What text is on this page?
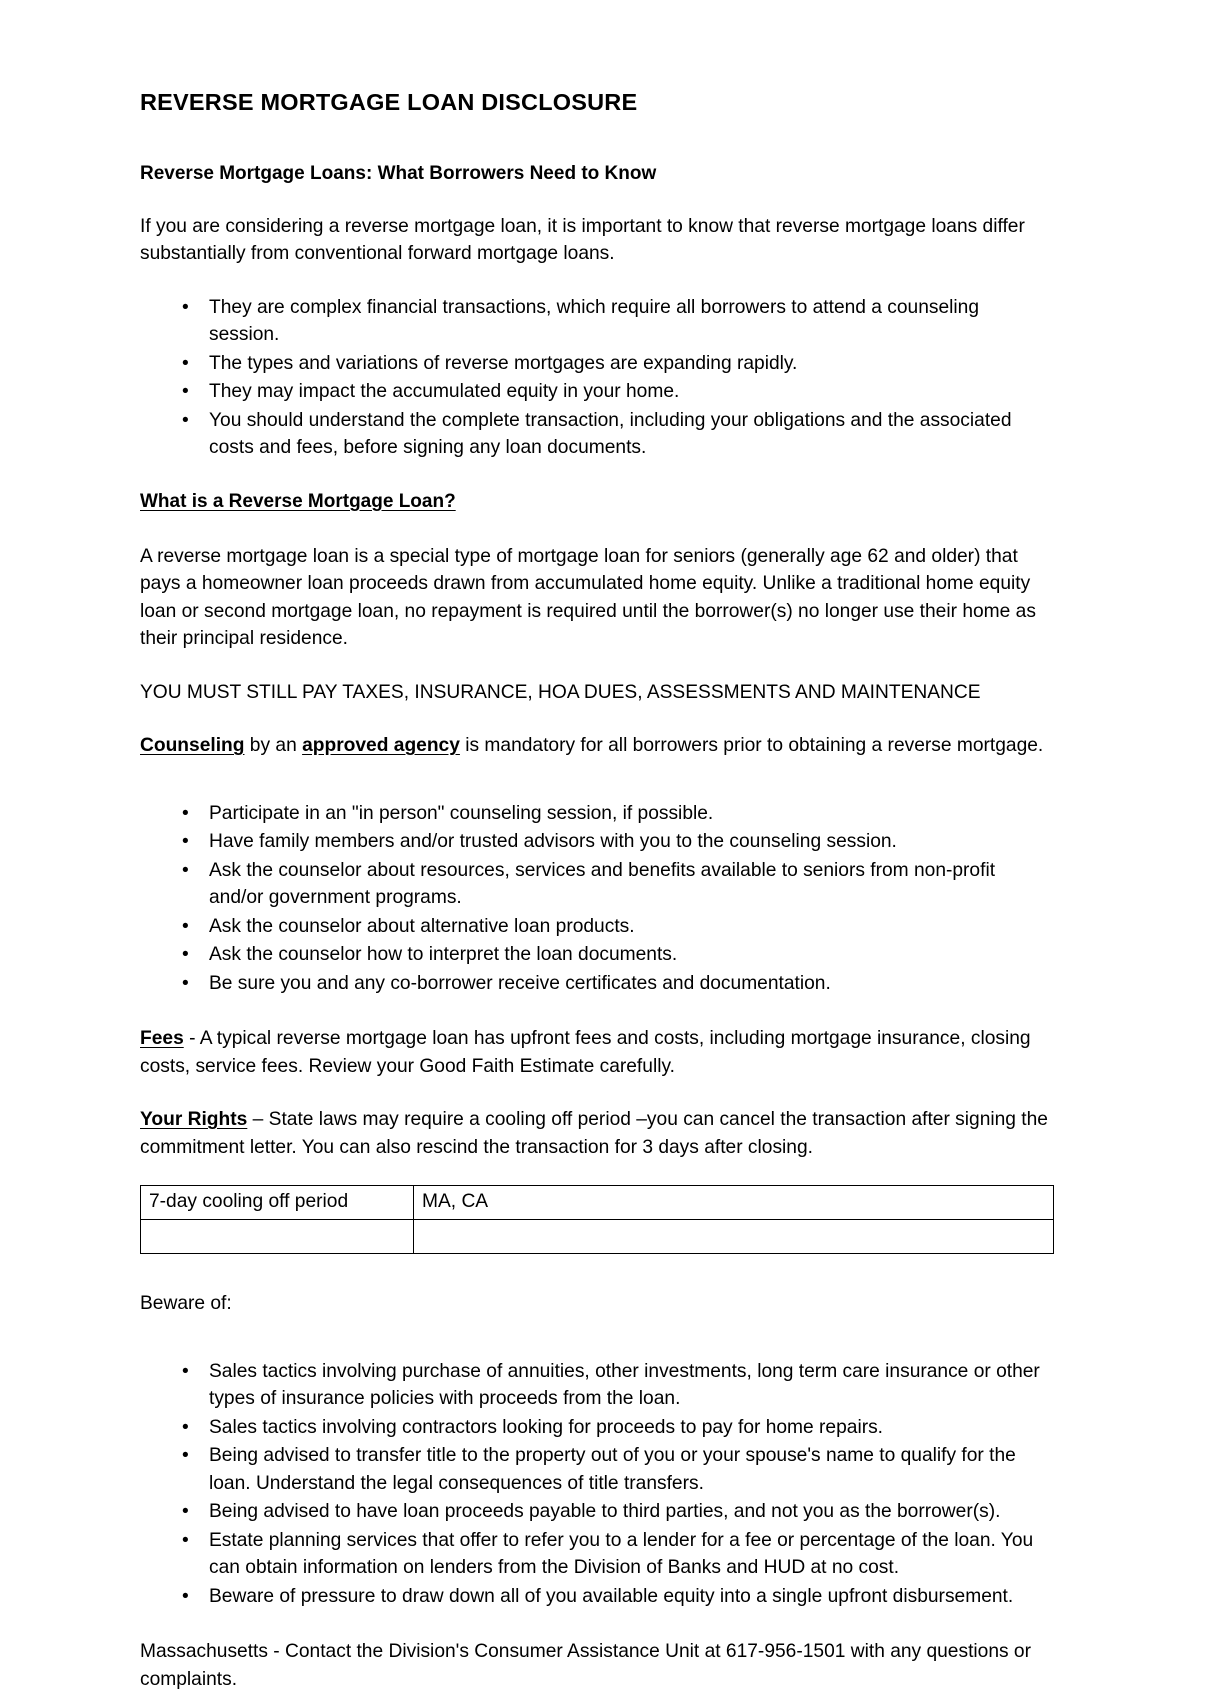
REVERSE MORTGAGE LOAN DISCLOSURE
Reverse Mortgage Loans: What Borrowers Need to Know

If you are considering a reverse mortgage loan, it is important to know that reverse mortgage loans differ substantially from conventional forward mortgage loans.

• They are complex financial transactions, which require all borrowers to attend a counseling session.
• The types and variations of reverse mortgages are expanding rapidly.
• They may impact the accumulated equity in your home.
• You should understand the complete transaction, including your obligations and the associated costs and fees, before signing any loan documents.
What is a Reverse Mortgage Loan?

A reverse mortgage loan is a special type of mortgage loan for seniors (generally age 62 and older) that pays a homeowner loan proceeds drawn from accumulated home equity. Unlike a traditional home equity loan or second mortgage loan, no repayment is required until the borrower(s) no longer use their home as their principal residence.

YOU MUST STILL PAY TAXES, INSURANCE, HOA DUES, ASSESSMENTS AND MAINTENANCE

Counseling by an approved agency is mandatory for all borrowers prior to obtaining a reverse mortgage.

• Participate in an "in person" counseling session, if possible.
• Have family members and/or trusted advisors with you to the counseling session.
• Ask the counselor about resources, services and benefits available to seniors from non-profit and/or government programs.
• Ask the counselor about alternative loan products.
• Ask the counselor how to interpret the loan documents.
• Be sure you and any co-borrower receive certificates and documentation.

Fees - A typical reverse mortgage loan has upfront fees and costs, including mortgage insurance, closing costs, service fees. Review your Good Faith Estimate carefully.

Your Rights – State laws may require a cooling off period –you can cancel the transaction after signing the commitment letter. You can also rescind the transaction for 3 days after closing.

7-day cooling off period	MA, CA

Beware of:

• Sales tactics involving purchase of annuities, other investments, long term care insurance or other types of insurance policies with proceeds from the loan.
• Sales tactics involving contractors looking for proceeds to pay for home repairs.
• Being advised to transfer title to the property out of you or your spouse's name to qualify for the loan. Understand the legal consequences of title transfers.
• Being advised to have loan proceeds payable to third parties, and not you as the borrower(s).
• Estate planning services that offer to refer you to a lender for a fee or percentage of the loan. You can obtain information on lenders from the Division of Banks and HUD at no cost.
• Beware of pressure to draw down all of you available equity into a single upfront disbursement.

Massachusetts - Contact the Division's Consumer Assistance Unit at 617-956-1501 with any questions or complaints.
